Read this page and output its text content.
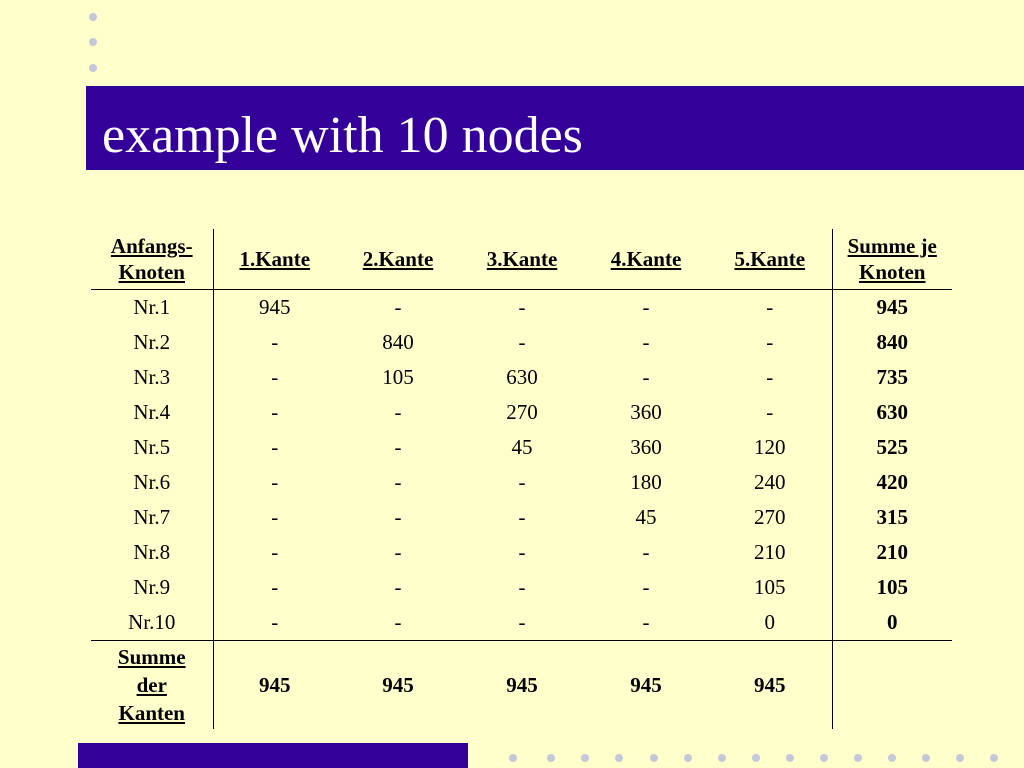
example with 10 nodes
Anfangs-
Knoten	1.Kante	2.Kante	3.Kante	4.Kante	5.Kante	Summe je
Knoten
Nr.1	945	-	-	-	-	945
Nr.2	-	840	-	-	-	840
Nr.3	-	105	630	-	-	735
Nr.4	-	-	270	360	-	630
Nr.5	-	-	45	360	120	525
Nr.6	-	-	-	180	240	420
Nr.7	-	-	-	45	270	315
Nr.8	-	-	-	-	210	210
Nr.9	-	-	-	-	105	105
Nr.10	-	-	-	-	0	0
Summe
der
Kanten	945	945	945	945	945	
